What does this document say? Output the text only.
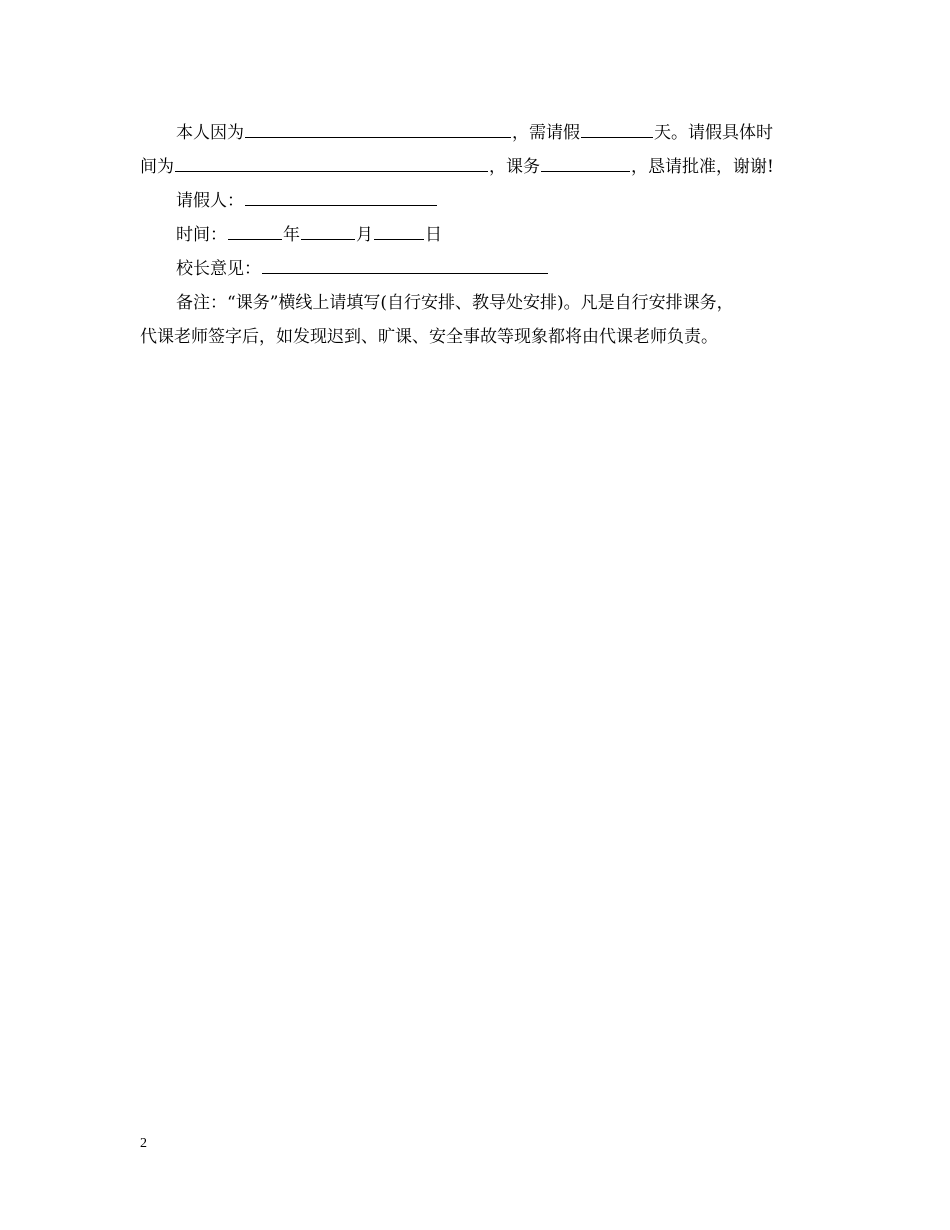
本人因为	，需请假	天。请假具体时
间为	，课务	，恳请批准，谢谢!
请假人：
时间：	年	月	日
校长意见：
备注：“课务”横线上请填写(自行安排、教导处安排)。凡是自行安排课务，
代课老师签字后，如发现迟到、旷课、安全事故等现象都将由代课老师负责。
2
